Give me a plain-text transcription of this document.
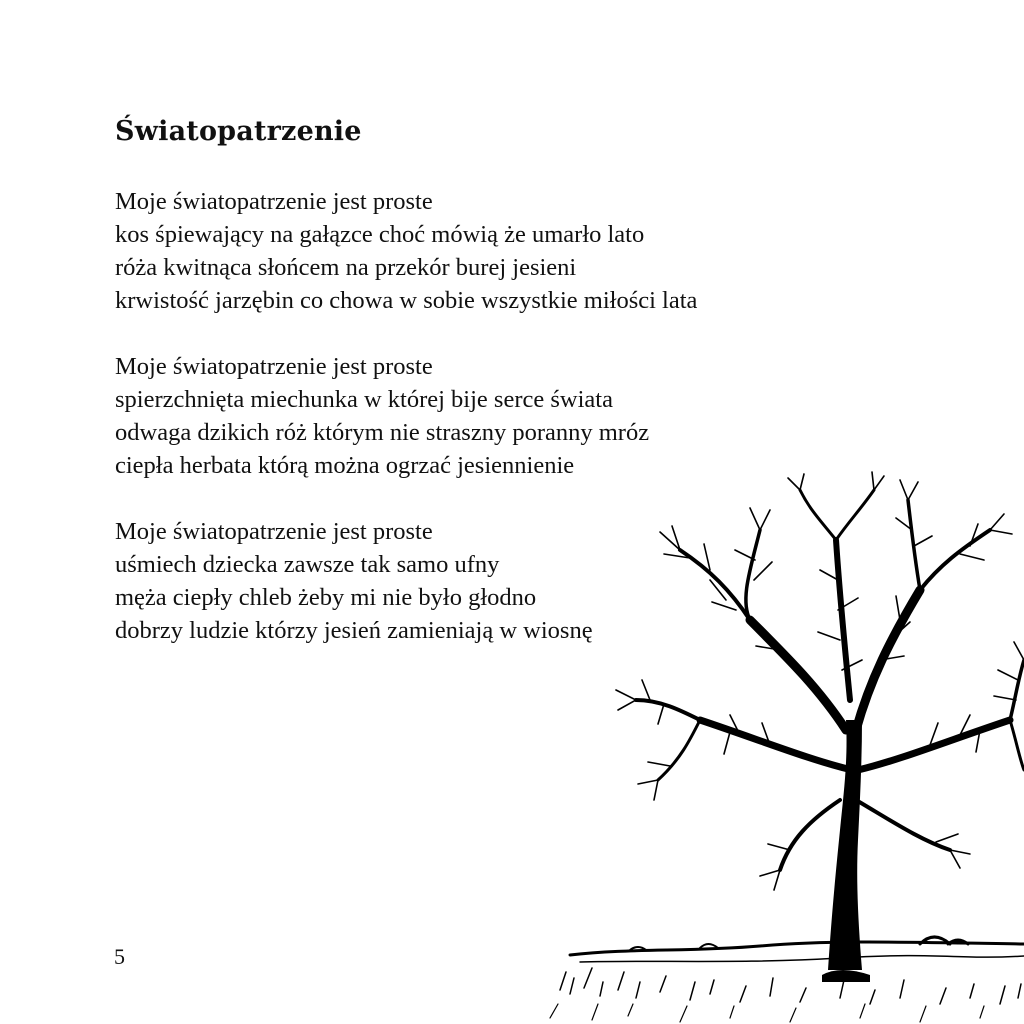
Światopatrzenie
Moje światopatrzenie jest proste
kos śpiewający na gałązce choć mówią że umarło lato
róża kwitnąca słońcem na przekór burej jesieni
krwistość jarzębin co chowa w sobie wszystkie miłości lata
Moje światopatrzenie jest proste
spierzchnięta miechunka w której bije serce świata
odwaga dzikich róż którym nie straszny poranny mróz
ciepła herbata którą można ogrzać jesiennienie
Moje światopatrzenie jest proste
uśmiech dziecka zawsze tak samo ufny
męża ciepły chleb żeby mi nie było głodno
dobrzy ludzie którzy jesień zamieniają w wiosnę
5
